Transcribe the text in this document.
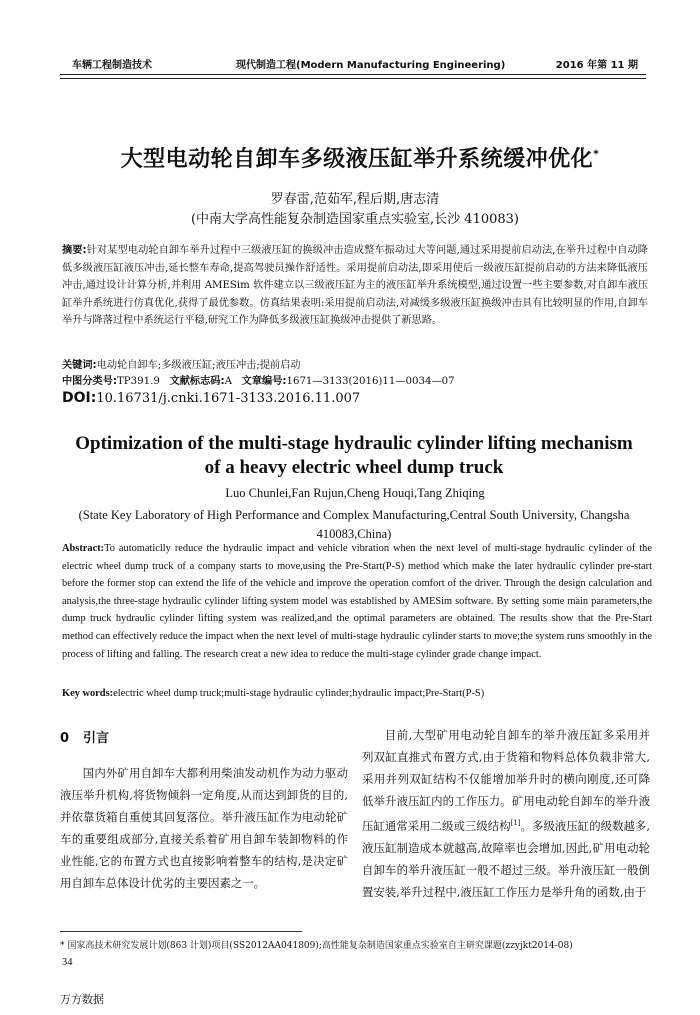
车辆工程制造技术	现代制造工程(Modern Manufacturing Engineering)	2016 年第 11 期
大型电动轮自卸车多级液压缸举升系统缓冲优化*
罗春雷,范茹军,程后期,唐志清
(中南大学高性能复杂制造国家重点实验室,长沙 410083)
摘要:针对某型电动轮自卸车举升过程中三级液压缸的换级冲击造成整车振动过大等问题,通过采用提前启动法,在举升过程中自动降低多级液压缸液压冲击,延长整车寿命,提高驾驶员操作舒适性。采用提前启动法,即采用使后一级液压缸提前启动的方法来降低液压冲击,通过设计计算分析,并利用 AMESim 软件建立以三级液压缸为主的液压缸举升系统模型,通过设置一些主要参数,对自卸车液压缸举升系统进行仿真优化,获得了最优参数。仿真结果表明:采用提前启动法,对减缓多级液压缸换级冲击具有比较明显的作用,自卸车举升与降落过程中系统运行平稳,研究工作为降低多级液压缸换级冲击提供了新思路。
关键词:电动轮自卸车;多级液压缸;液压冲击;提前启动
中图分类号:TP391.9 文献标志码:A 文章编号:1671—3133(2016)11—0034—07
DOI:10.16731/j.cnki.1671-3133.2016.11.007
Optimization of the multi-stage hydraulic cylinder lifting mechanism of a heavy electric wheel dump truck
Luo Chunlei,Fan Rujun,Cheng Houqi,Tang Zhiqing
(State Key Laboratory of High Performance and Complex Manufacturing,Central South University, Changsha 410083,China)
Abstract:To automaticlly reduce the hydraulic impact and vehicle vibration when the next level of multi-stage hydraulic cylinder of the electric wheel dump truck of a company starts to move,using the Pre-Start(P-S) method which make the later hydraulic cylinder pre-start before the former stop can extend the life of the vehicle and improve the operation comfort of the driver. Through the design calculation and analysis,the three-stage hydraulic cylinder lifting system model was established by AMESim software. By setting some main parameters,the dump truck hydraulic cylinder lifting system was realized,and the optimal parameters are obtained. The results show that the Pre-Start method can effectively reduce the impact when the next level of multi-stage hydraulic cylinder starts to move;the system runs smoothly in the process of lifting and falling. The research creat a new idea to reduce the multi-stage cylinder grade change impact.
Key words:electric wheel dump truck;multi-stage hydraulic cylinder;hydraulic impact;Pre-Start(P-S)
0 引言

国内外矿用自卸车大都利用柴油发动机作为动力驱动液压举升机构,将货物倾斜一定角度,从而达到卸货的目的,并依靠货箱自重使其回复落位。举升液压缸作为电动轮矿车的重要组成部分,直接关系着矿用自卸车装卸物料的作业性能,它的布置方式也直接影响着整车的结构,是决定矿用自卸车总体设计优劣的主要因素之一。

目前,大型矿用电动轮自卸车的举升液压缸多采用并列双缸直推式布置方式,由于货箱和物料总体负载非常大,采用并列双缸结构不仅能增加举升时的横向刚度,还可降低举升液压缸内的工作压力。矿用电动轮自卸车的举升液压缸通常采用二级或三级结构[1]。多级液压缸的级数越多,液压缸制造成本就越高,故障率也会增加,因此,矿用电动轮自卸车的举升液压缸一般不超过三级。举升液压缸一般倒置安装,举升过程中,液压缸工作压力是举升角的函数,由于

* 国家高技术研究发展计划(863 计划)项目(SS2012AA041809);高性能复杂制造国家重点实验室自主研究课题(zzyjkt2014-08)
34
万方数据
